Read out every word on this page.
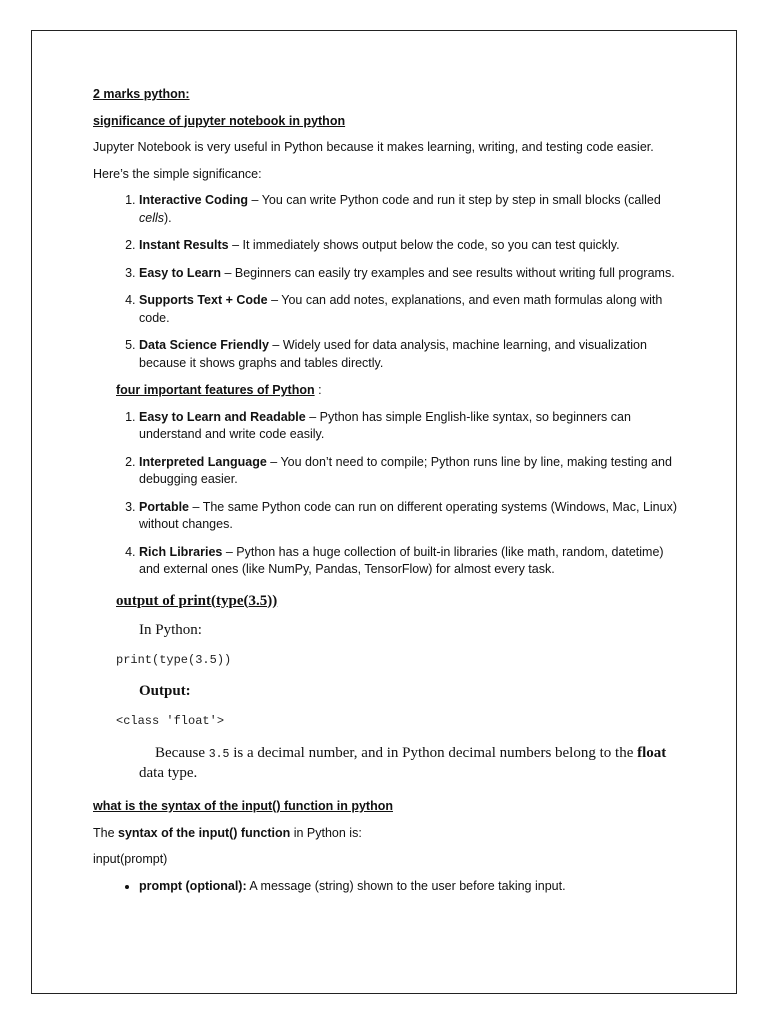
2 marks python:

significance of jupyter notebook in python

Jupyter Notebook is very useful in Python because it makes learning, writing, and testing code easier.

Here’s the simple significance:

1. Interactive Coding – You can write Python code and run it step by step in small blocks (called cells).
2. Instant Results – It immediately shows output below the code, so you can test quickly.
3. Easy to Learn – Beginners can easily try examples and see results without writing full programs.
4. Supports Text + Code – You can add notes, explanations, and even math formulas along with code.
5. Data Science Friendly – Widely used for data analysis, machine learning, and visualization because it shows graphs and tables directly.

four important features of Python :

1. Easy to Learn and Readable – Python has simple English-like syntax, so beginners can understand and write code easily.
2. Interpreted Language – You don’t need to compile; Python runs line by line, making testing and debugging easier.
3. Portable – The same Python code can run on different operating systems (Windows, Mac, Linux) without changes.
4. Rich Libraries – Python has a huge collection of built-in libraries (like math, random, datetime) and external ones (like NumPy, Pandas, TensorFlow) for almost every task.

output of print(type(3.5))

In Python:

print(type(3.5))

Output:

<class 'float'>

Because 3.5 is a decimal number, and in Python decimal numbers belong to the float data type.

what is the syntax of the input() function in python

The syntax of the input() function in Python is:

input(prompt)

• prompt (optional): A message (string) shown to the user before taking input.
